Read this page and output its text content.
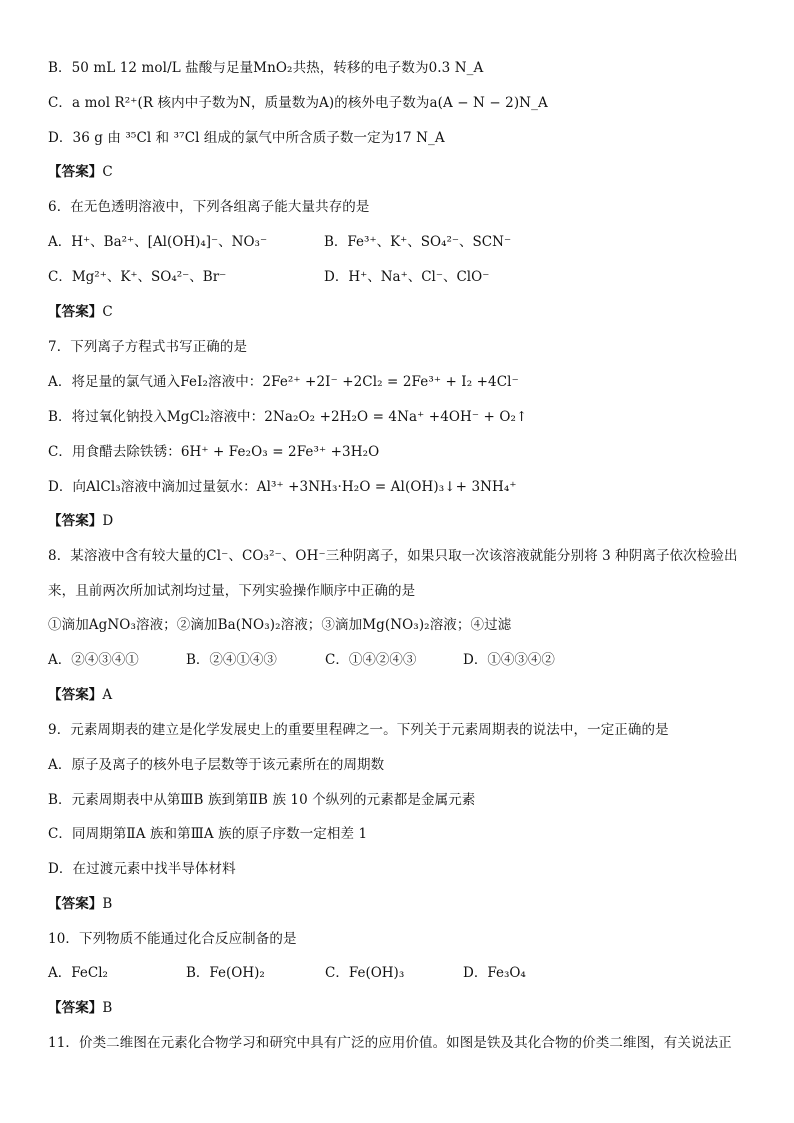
B．50 mL 12 mol/L 盐酸与足量MnO₂共热，转移的电子数为0.3 N_A
C．a mol R²⁺(R 核内中子数为N，质量数为A)的核外电子数为a(A − N − 2)N_A
D．36 g 由 ³⁵Cl 和 ³⁷Cl 组成的氯气中所含质子数一定为17 N_A
【答案】C
6．在无色透明溶液中，下列各组离子能大量共存的是
A．H⁺、Ba²⁺、[Al(OH)₄]⁻、NO₃⁻	B．Fe³⁺、K⁺、SO₄²⁻、SCN⁻
C．Mg²⁺、K⁺、SO₄²⁻、Br⁻	D．H⁺、Na⁺、Cl⁻、ClO⁻
【答案】C
7．下列离子方程式书写正确的是
A．将足量的氯气通入FeI₂溶液中：2Fe²⁺ +2I⁻ +2Cl₂ = 2Fe³⁺ + I₂ +4Cl⁻
B．将过氧化钠投入MgCl₂溶液中：2Na₂O₂ +2H₂O = 4Na⁺ +4OH⁻ + O₂↑
C．用食醋去除铁锈：6H⁺ + Fe₂O₃ = 2Fe³⁺ +3H₂O
D．向AlCl₃溶液中滴加过量氨水：Al³⁺ +3NH₃·H₂O = Al(OH)₃↓+ 3NH₄⁺
【答案】D
8．某溶液中含有较大量的Cl⁻、CO₃²⁻、OH⁻三种阴离子，如果只取一次该溶液就能分别将 3 种阴离子依次检验出
来，且前两次所加试剂均过量，下列实验操作顺序中正确的是
①滴加AgNO₃溶液；②滴加Ba(NO₃)₂溶液；③滴加Mg(NO₃)₂溶液；④过滤
A．②④③④①	B．②④①④③	C．①④②④③	D．①④③④②
【答案】A
9．元素周期表的建立是化学发展史上的重要里程碑之一。下列关于元素周期表的说法中，一定正确的是
A．原子及离子的核外电子层数等于该元素所在的周期数
B．元素周期表中从第ⅢB 族到第ⅡB 族 10 个纵列的元素都是金属元素
C．同周期第ⅡA 族和第ⅢA 族的原子序数一定相差 1
D．在过渡元素中找半导体材料
【答案】B
10．下列物质不能通过化合反应制备的是
A．FeCl₂	B．Fe(OH)₂	C．Fe(OH)₃	D．Fe₃O₄
【答案】B
11．价类二维图在元素化合物学习和研究中具有广泛的应用价值。如图是铁及其化合物的价类二维图，有关说法正
